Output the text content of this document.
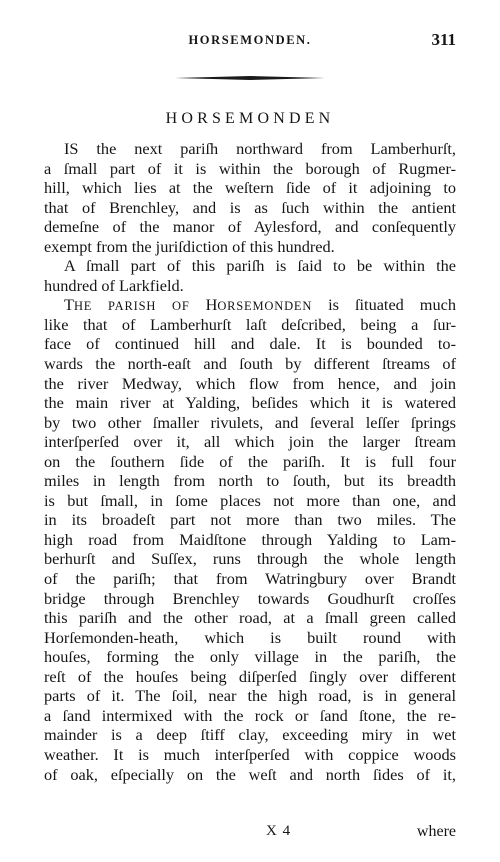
HORSEMONDEN.	311
HORSEMONDEN
IS the next pariſh northward from Lamberhurſt,
a ſmall part of it is within the borough of Rugmer-
hill, which lies at the weſtern ſide of it adjoining to
that of Brenchley, and is as ſuch within the antient
demeſne of the manor of Aylesford, and conſequently
exempt from the juriſdiction of this hundred.
A ſmall part of this pariſh is ſaid to be within the
hundred of Larkfield.
THE PARISH OF HORSEMONDEN is ſituated much
like that of Lamberhurſt laſt deſcribed, being a ſur-
face of continued hill and dale. It is bounded to-
wards the north-eaſt and ſouth by different ſtreams of
the river Medway, which flow from hence, and join
the main river at Yalding, beſides which it is watered
by two other ſmaller rivulets, and ſeveral leſſer ſprings
interſperſed over it, all which join the larger ſtream
on the ſouthern ſide of the pariſh. It is full four
miles in length from north to ſouth, but its breadth
is but ſmall, in ſome places not more than one, and
in its broadeſt part not more than two miles. The
high road from Maidſtone through Yalding to Lam-
berhurſt and Suſſex, runs through the whole length
of the pariſh; that from Watringbury over Brandt
bridge through Brenchley towards Goudhurſt croſſes
this pariſh and the other road, at a ſmall green called
Horſemonden-heath, which is built round with
houſes, forming the only village in the pariſh, the
reſt of the houſes being diſperſed ſingly over different
parts of it. The ſoil, near the high road, is in general
a ſand intermixed with the rock or ſand ſtone, the re-
mainder is a deep ſtiff clay, exceeding miry in wet
weather. It is much interſperſed with coppice woods
of oak, eſpecially on the weſt and north ſides of it,
X 4	where
